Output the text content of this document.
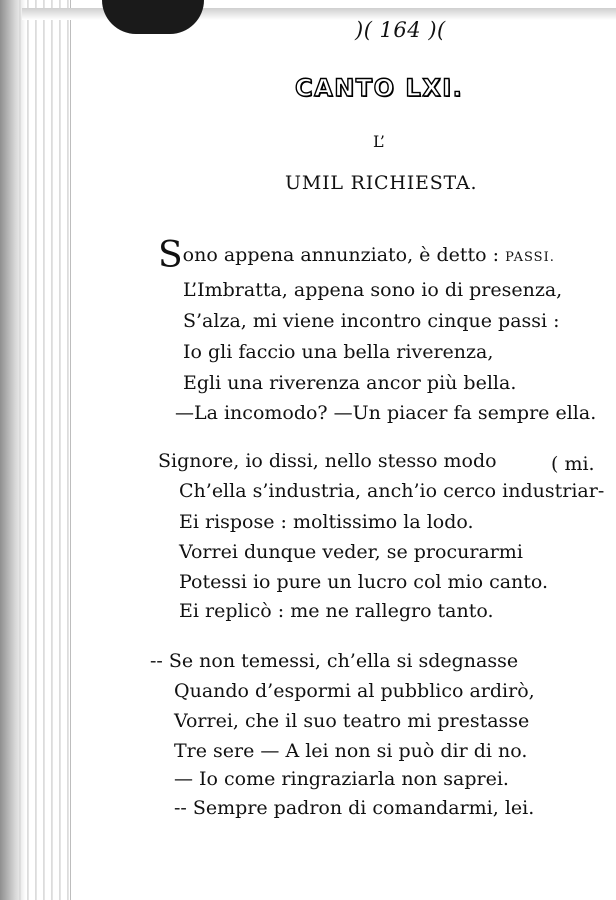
)( 164 )(
CANTO LXI.
L’
UMIL RICHIESTA.
Sono appena annunziato, è detto : PASSI.
L’Imbratta, appena sono io di presenza,
S’alza, mi viene incontro cinque passi :
Io gli faccio una bella riverenza,
Egli una riverenza ancor più bella.
—La incomodo? —Un piacer fa sempre ella.
Signore, io dissi, nello stesso modo	( mi.
Ch’ella s’industria, anch’io cerco industriar-
Ei rispose : moltissimo la lodo.
Vorrei dunque veder, se procurarmi
Potessi io pure un lucro col mio canto.
Ei replicò : me ne rallegro tanto.
-- Se non temessi, ch’ella si sdegnasse
Quando d’espormi al pubblico ardirò,
Vorrei, che il suo teatro mi prestasse
Tre sere — A lei non si può dir di no.
— Io come ringraziarla non saprei.
-- Sempre padron di comandarmi, lei.
